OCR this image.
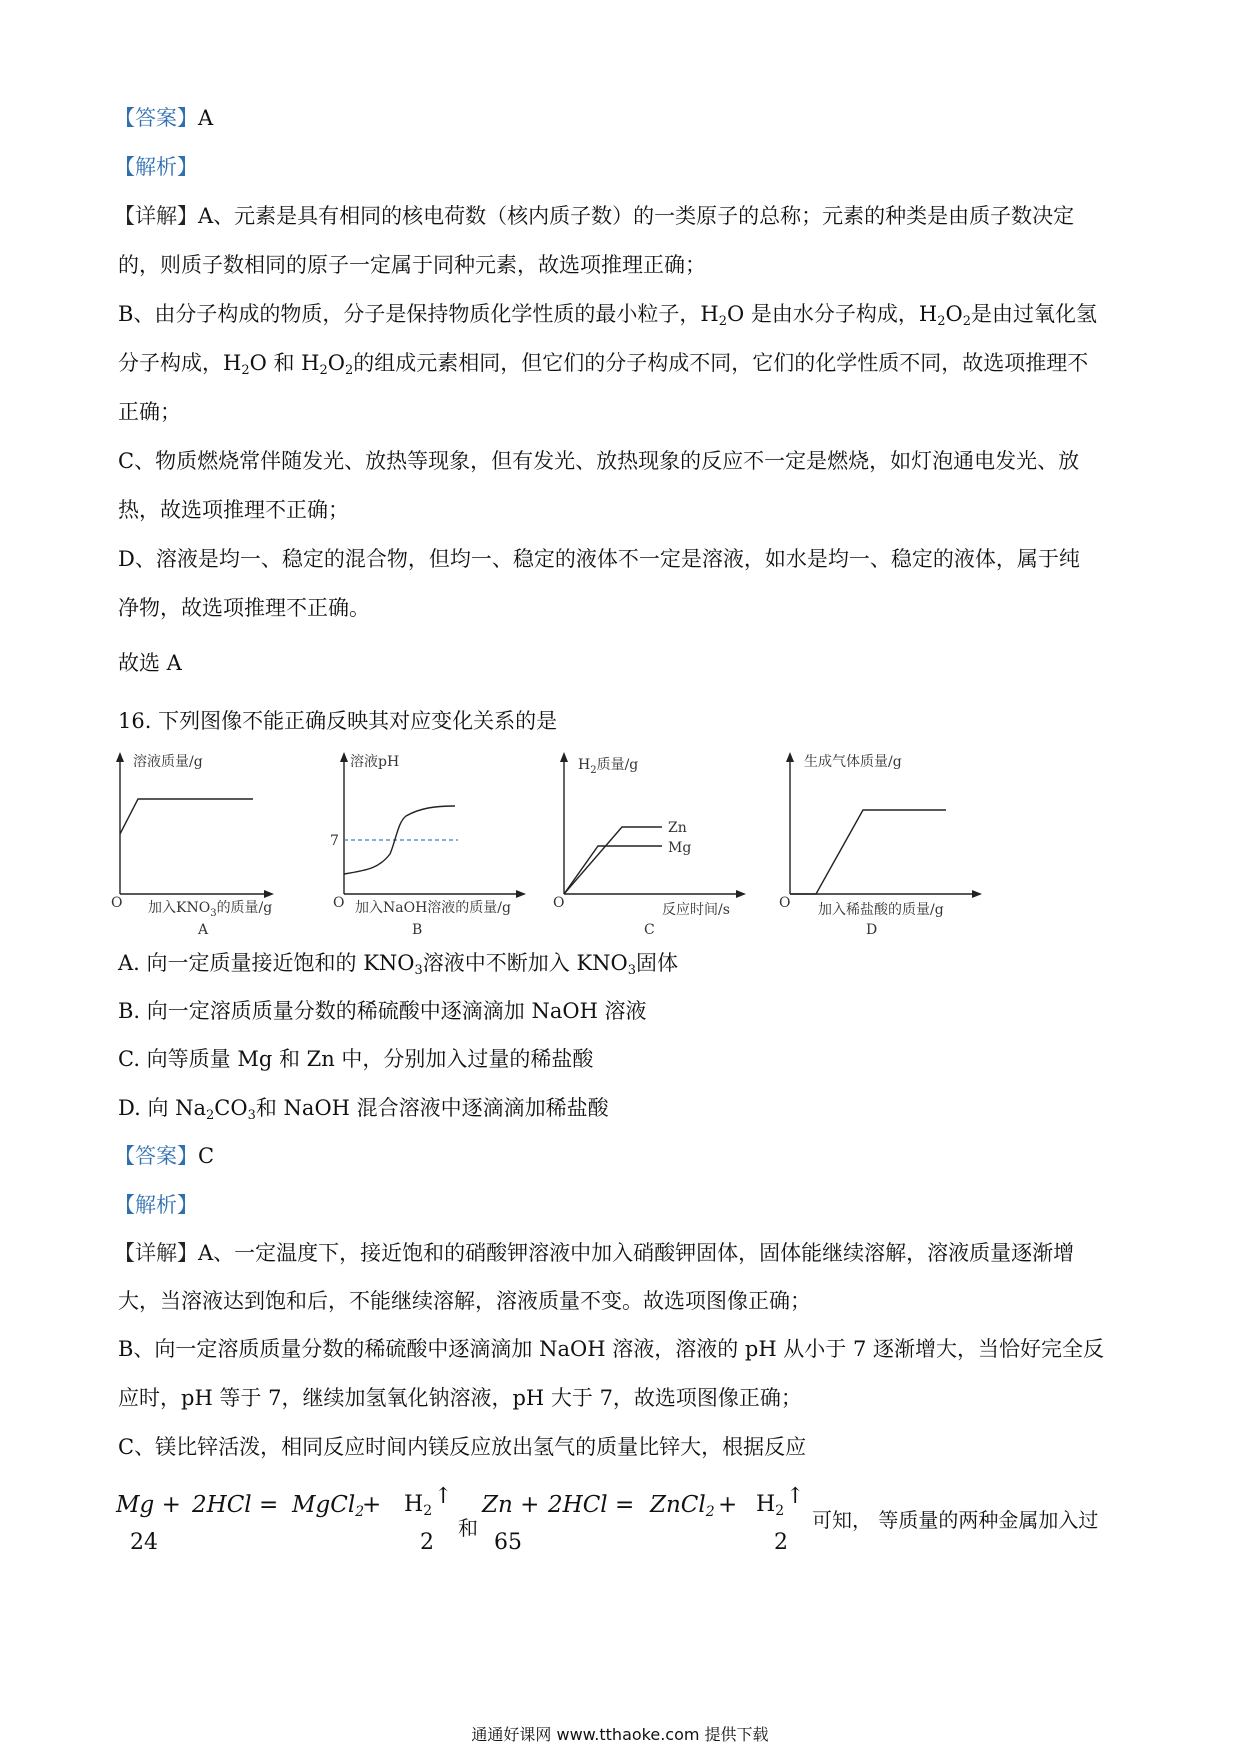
【答案】A
【解析】
【详解】A、元素是具有相同的核电荷数（核内质子数）的一类原子的总称；元素的种类是由质子数决定
的，则质子数相同的原子一定属于同种元素，故选项推理正确；
B、由分子构成的物质，分子是保持物质化学性质的最小粒子，$H_2O$ 是由水分子构成，$H_2O_2$是由过氧化氢
分子构成，$H_2O$ 和 $H_2O_2$的组成元素相同，但它们的分子构成不同，它们的化学性质不同，故选项推理不
正确；
C、物质燃烧常伴随发光、放热等现象，但有发光、放热现象的反应不一定是燃烧，如灯泡通电发光、放
热，故选项推理不正确；
D、溶液是均一、稳定的混合物，但均一、稳定的液体不一定是溶液，如水是均一、稳定的液体，属于纯
净物，故选项推理不正确。
故选 A
16. 下列图像不能正确反映其对应变化关系的是
溶液质量/g
O 加入$KNO_3$的质量/g
A
溶液pH
7
O 加入NaOH溶液的质量/g
B
$H_2$质量/g
Zn
Mg
O	反应时间/s
C
生成气体质量/g
O 加入稀盐酸的质量/g
D
A. 向一定质量接近饱和的 $KNO_3$溶液中不断加入 $KNO_3$固体
B. 向一定溶质质量分数的稀硫酸中逐滴滴加 NaOH 溶液
C. 向等质量 Mg 和 Zn 中，分别加入过量的稀盐酸
D. 向 $Na_2CO_3$和 NaOH 混合溶液中逐滴滴加稀盐酸
【答案】C
【解析】
【详解】A、一定温度下，接近饱和的硝酸钾溶液中加入硝酸钾固体，固体能继续溶解，溶液质量逐渐增
大，当溶液达到饱和后，不能继续溶解，溶液质量不变。故选项图像正确；
B、向一定溶质质量分数的稀硫酸中逐滴滴加 NaOH 溶液，溶液的 pH 从小于 7 逐渐增大，当恰好完全反
应时，pH 等于 7，继续加氢氧化钠溶液，pH 大于 7，故选项图像正确；
C、镁比锌活泼，相同反应时间内镁反应放出氢气的质量比锌大，根据反应
Mg + 2HCl = MgCl$_2$
+ $H_2$
↑
24	2
和
Zn + 2HCl = ZnCl$_2$ + $H_2$
↑
65	2
可知， 等质量的两种金属加入过
通通好课网 www.tthaoke.com 提供下载
